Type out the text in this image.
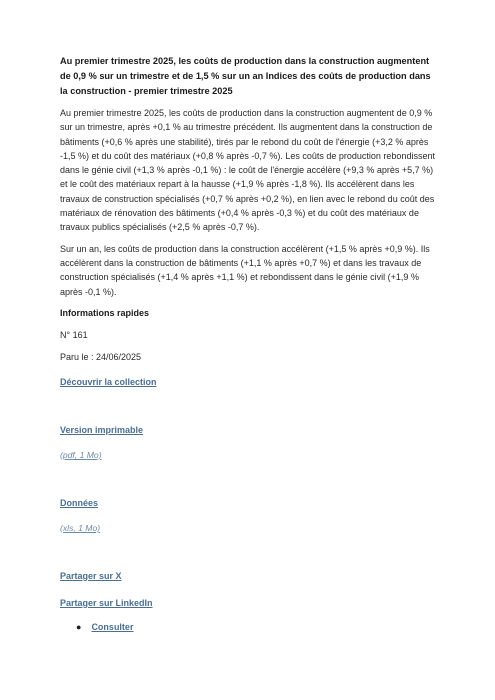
Au premier trimestre 2025, les coûts de production dans la construction augmentent de 0,9 % sur un trimestre et de 1,5 % sur un an Indices des coûts de production dans la construction - premier trimestre 2025

Au premier trimestre 2025, les coûts de production dans la construction augmentent de 0,9 % sur un trimestre, après +0,1 % au trimestre précédent. Ils augmentent dans la construction de bâtiments (+0,6 % après une stabilité), tirés par le rebond du coût de l'énergie (+3,2 % après -1,5 %) et du coût des matériaux (+0,8 % après -0,7 %). Les coûts de production rebondissent dans le génie civil (+1,3 % après -0,1 %) : le coût de l'énergie accélère (+9,3 % après +5,7 %) et le coût des matériaux repart à la hausse (+1,9 % après -1,8 %). Ils accélèrent dans les travaux de construction spécialisés (+0,7 % après +0,2 %), en lien avec le rebond du coût des matériaux de rénovation des bâtiments (+0,4 % après -0,3 %) et du coût des matériaux de travaux publics spécialisés (+2,5 % après -0,7 %).

Sur un an, les coûts de production dans la construction accélèrent (+1,5 % après +0,9 %). Ils accélèrent dans la construction de bâtiments (+1,1 % après +0,7 %) et dans les travaux de construction spécialisés (+1,4 % après +1,1 %) et rebondissent dans le génie civil (+1,9 % après -0,1 %).

Informations rapides
N° 161
Paru le : 24/06/2025
Découvrir la collection
Version imprimable
(pdf, 1 Mo)
Données
(xls, 1 Mo)
Partager sur X
Partager sur LinkedIn
● Consulter
